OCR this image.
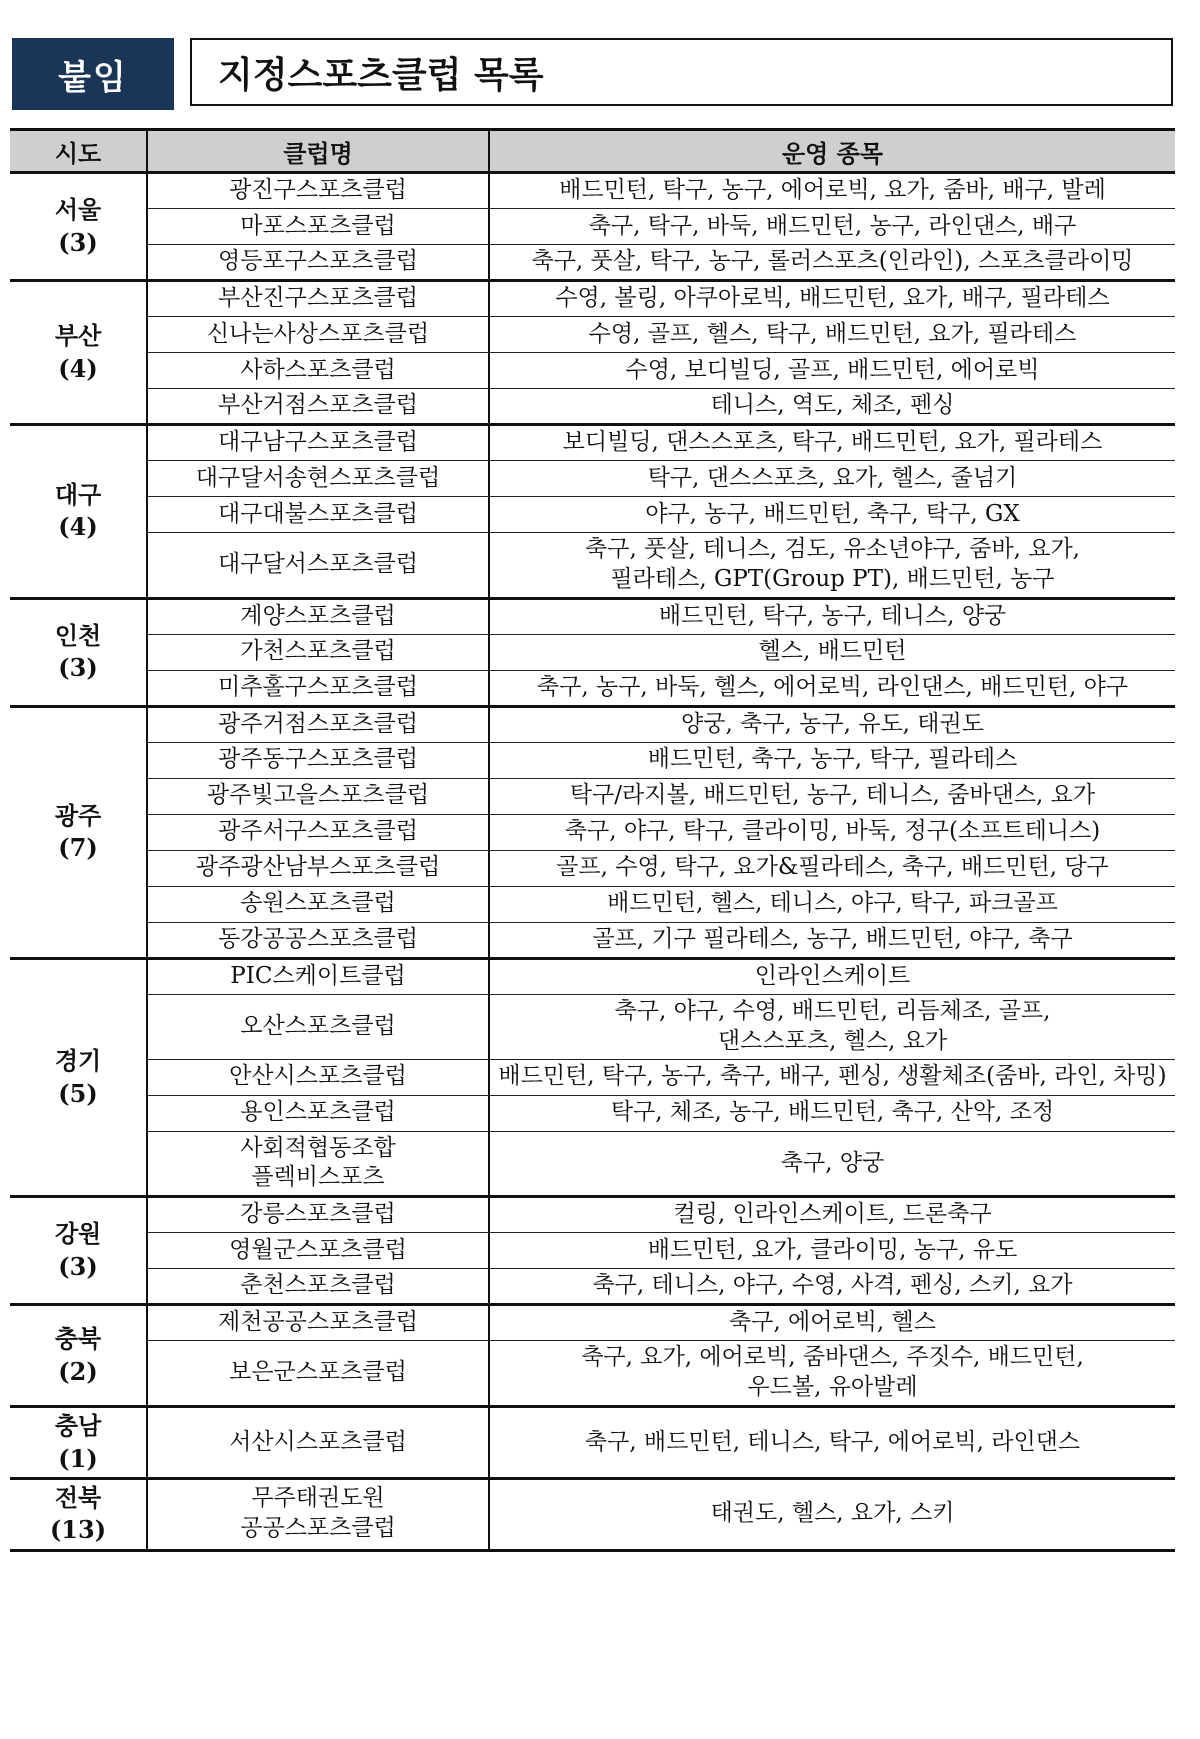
붙임	지정스포츠클럽 목록
시도	클럽명	운영 종목

서울
(3)	광진구스포츠클럽	배드민턴, 탁구, 농구, 에어로빅, 요가, 줌바, 배구, 발레

	마포스포츠클럽	축구, 탁구, 바둑, 배드민턴, 농구, 라인댄스, 배구

	영등포구스포츠클럽	축구, 풋살, 탁구, 농구, 롤러스포츠(인라인), 스포츠클라이밍

부산
(4)	부산진구스포츠클럽	수영, 볼링, 아쿠아로빅, 배드민턴, 요가, 배구, 필라테스

	신나는사상스포츠클럽	수영, 골프, 헬스, 탁구, 배드민턴, 요가, 필라테스

	사하스포츠클럽	수영, 보디빌딩, 골프, 배드민턴, 에어로빅

	부산거점스포츠클럽	테니스, 역도, 체조, 펜싱

대구
(4)	대구남구스포츠클럽	보디빌딩, 댄스스포츠, 탁구, 배드민턴, 요가, 필라테스

	대구달서송현스포츠클럽	탁구, 댄스스포츠, 요가, 헬스, 줄넘기

	대구대불스포츠클럽	야구, 농구, 배드민턴, 축구, 탁구, GX

	대구달서스포츠클럽	축구, 풋살, 테니스, 검도, 유소년야구, 줌바, 요가,
필라테스, GPT(Group PT), 배드민턴, 농구

인천
(3)	계양스포츠클럽	배드민턴, 탁구, 농구, 테니스, 양궁

	가천스포츠클럽	헬스, 배드민턴

	미추홀구스포츠클럽	축구, 농구, 바둑, 헬스, 에어로빅, 라인댄스, 배드민턴, 야구

광주
(7)	광주거점스포츠클럽	양궁, 축구, 농구, 유도, 태권도

	광주동구스포츠클럽	배드민턴, 축구, 농구, 탁구, 필라테스

	광주빛고을스포츠클럽	탁구/라지볼, 배드민턴, 농구, 테니스, 줌바댄스, 요가

	광주서구스포츠클럽	축구, 야구, 탁구, 클라이밍, 바둑, 정구(소프트테니스)

	광주광산남부스포츠클럽	골프, 수영, 탁구, 요가&필라테스, 축구, 배드민턴, 당구

	송원스포츠클럽	배드민턴, 헬스, 테니스, 야구, 탁구, 파크골프

	동강공공스포츠클럽	골프, 기구 필라테스, 농구, 배드민턴, 야구, 축구

경기
(5)	PIC스케이트클럽	인라인스케이트

	오산스포츠클럽	축구, 야구, 수영, 배드민턴, 리듬체조, 골프,
댄스스포츠, 헬스, 요가

	안산시스포츠클럽	배드민턴, 탁구, 농구, 축구, 배구, 펜싱, 생활체조(줌바, 라인, 차밍)

	용인스포츠클럽	탁구, 체조, 농구, 배드민턴, 축구, 산악, 조정

	사회적협동조합
플렉비스포츠	축구, 양궁

강원
(3)	강릉스포츠클럽	컬링, 인라인스케이트, 드론축구

	영월군스포츠클럽	배드민턴, 요가, 클라이밍, 농구, 유도

	춘천스포츠클럽	축구, 테니스, 야구, 수영, 사격, 펜싱, 스키, 요가

충북
(2)	제천공공스포츠클럽	축구, 에어로빅, 헬스

	보은군스포츠클럽	축구, 요가, 에어로빅, 줌바댄스, 주짓수, 배드민턴,
우드볼, 유아발레

충남
(1)	서산시스포츠클럽	축구, 배드민턴, 테니스, 탁구, 에어로빅, 라인댄스

전북
(13)	무주태권도원
공공스포츠클럽	태권도, 헬스, 요가, 스키
